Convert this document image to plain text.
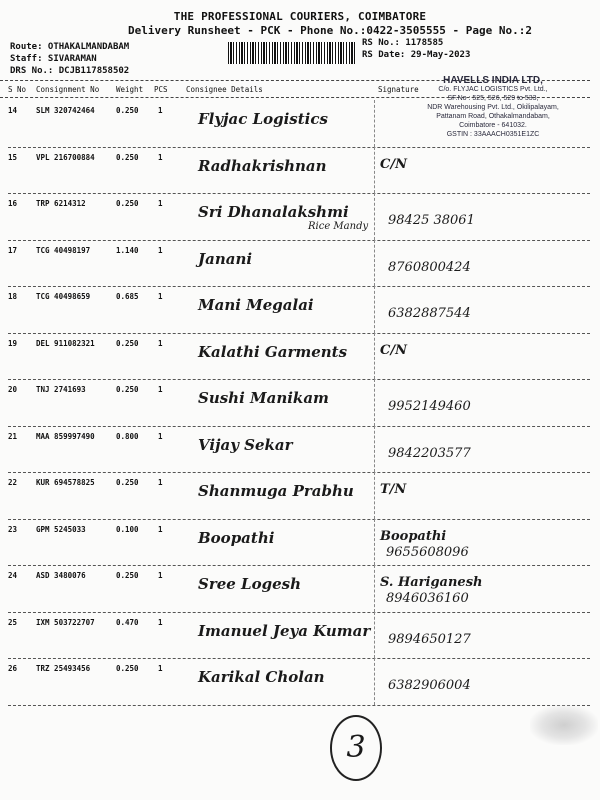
THE PROFESSIONAL COURIERS, COIMBATORE
Delivery Runsheet - PCK - Phone No.:0422-3505555 - Page No.:2
Route: OTHAKALMANDABAM
Staff: SIVARAMAN
DRS No.: DCJB117858502
RS No.: 1178585
RS Date: 29-May-2023
S No Consignment No Weight PCS Consignee Details	Signature
HAVELLS INDIA LTD,
C/o. FLYJAC LOGISTICS Pvt. Ltd.,
SF.No : 525, 526, 529 to 533,
NDR Warehousing Pvt. Ltd., Okilipalayam,
Pattanam Road, Othakalmandabam,
Coimbatore - 641032.
GSTIN : 33AAACH0351E1ZC
14	SLM 320742464	0.250	1 Flyjac Logistics
15	VPL 216700884	0.250	1 Radhakrishnan	C/N
16	TRP 6214312	0.250	1 Sri Dhanalakshmi
Rice Mandy 98425 38061
17	TCG 40498197	1.140	1 Janani	8760800424
18	TCG 40498659	0.685	1 Mani Megalai	6382887544
19	DEL 911082321	0.250	1 Kalathi Garments	C/N
20	TNJ 2741693	0.250	1 Sushi Manikam	9952149460
21	MAA 859997490	0.800	1 Vijay Sekar	9842203577
22	KUR 694578825	0.250	1 Shanmuga Prabhu T/N
23	GPM 5245033	0.100	1 Boopathi	Boopathi
9655608096
24	ASD 3480076	0.250	1 Sree Logesh	S. Hariganesh
8946036160
25	IXM 503722707	0.470	1 Imanuel Jeya Kumar 9894650127
26	TRZ 25493456	0.250	1 Karikal Cholan	6382906004
3
